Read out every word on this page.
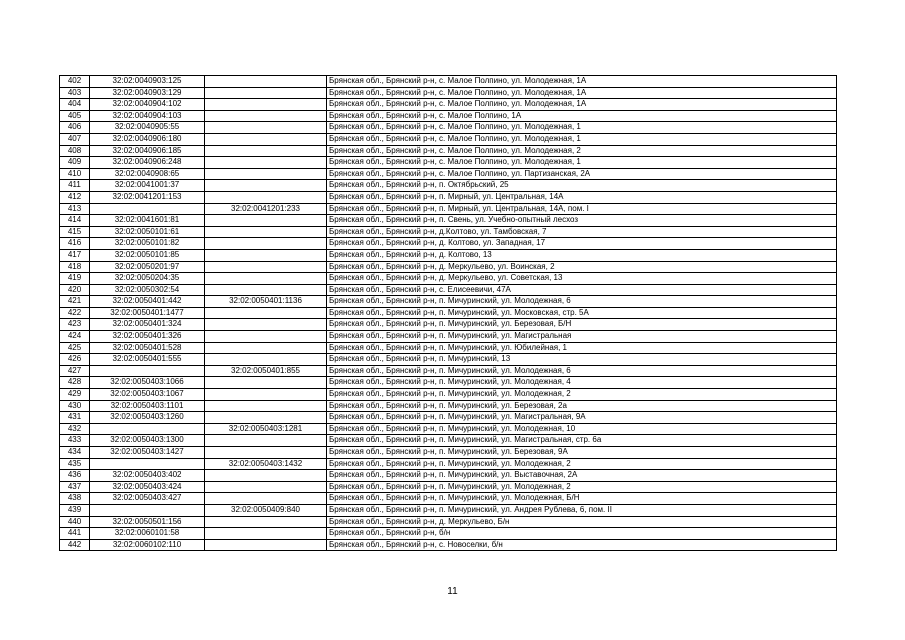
402	32:02:0040903:125		Брянская обл., Брянский р-н, с. Малое Полпино, ул. Молодежная, 1А
403	32:02:0040903:129		Брянская обл., Брянский р-н, с. Малое Полпино, ул. Молодежная, 1А
404	32:02:0040904:102		Брянская обл., Брянский р-н, с. Малое Полпино, ул. Молодежная, 1А
405	32:02:0040904:103		Брянская обл., Брянский р-н, с. Малое Полпино, 1А
406	32:02:0040905:55		Брянская обл., Брянский р-н, с. Малое Полпино, ул. Молодежная, 1
407	32:02:0040906:180		Брянская обл., Брянский р-н, с. Малое Полпино, ул. Молодежная, 1
408	32:02:0040906:185		Брянская обл., Брянский р-н, с. Малое Полпино, ул. Молодежная, 2
409	32:02:0040906:248		Брянская обл., Брянский р-н, с. Малое Полпино, ул. Молодежная, 1
410	32:02:0040908:65		Брянская обл., Брянский р-н, с. Малое Полпино, ул. Партизанская, 2А
411	32:02:0041001:37		Брянская обл., Брянский р-н, п. Октябрьский, 25
412	32:02:0041201:153		Брянская обл., Брянский р-н, п. Мирный, ул. Центральная, 14А
413		32:02:0041201:233	Брянская обл., Брянский р-н, п. Мирный, ул. Центральная, 14А, пом. I
414	32:02:0041601:81		Брянская обл., Брянский р-н, п. Свень, ул. Учебно-опытный лесхоз
415	32:02:0050101:61		Брянская обл., Брянский р-н, д.Колтово, ул. Тамбовская, 7
416	32:02:0050101:82		Брянская обл., Брянский р-н, д. Колтово, ул. Западная, 17
417	32:02:0050101:85		Брянская обл., Брянский р-н, д. Колтово, 13
418	32:02:0050201:97		Брянская обл., Брянский р-н, д. Меркульево, ул. Воинская, 2
419	32:02:0050204:35		Брянская обл., Брянский р-н, д. Меркульево, ул. Советская, 13
420	32:02:0050302:54		Брянская обл., Брянский р-н, с. Елисеевичи, 47А
421	32:02:0050401:442	32:02:0050401:1136	Брянская обл., Брянский р-н, п. Мичуринский, ул. Молодежная, 6
422	32:02:0050401:1477		Брянская обл., Брянский р-н, п. Мичуринский, ул. Московская, стр. 5А
423	32:02:0050401:324		Брянская обл., Брянский р-н, п. Мичуринский, ул. Березовая, Б/Н
424	32:02:0050401:326		Брянская обл., Брянский р-н, п. Мичуринский, ул. Магистральная
425	32:02:0050401:528		Брянская обл., Брянский р-н, п. Мичуринский, ул. Юбилейная, 1
426	32:02:0050401:555		Брянская обл., Брянский р-н, п. Мичуринский, 13
427		32:02:0050401:855	Брянская обл., Брянский р-н, п. Мичуринский, ул. Молодежная, 6
428	32:02:0050403:1066		Брянская обл., Брянский р-н, п. Мичуринский, ул. Молодежная, 4
429	32:02:0050403:1067		Брянская обл., Брянский р-н, п. Мичуринский, ул. Молодежная, 2
430	32:02:0050403:1101		Брянская обл., Брянский р-н, п. Мичуринский, ул. Березовая, 2а
431	32:02:0050403:1260		Брянская обл., Брянский р-н, п. Мичуринский, ул. Магистральная, 9А
432		32:02:0050403:1281	Брянская обл., Брянский р-н, п. Мичуринский, ул. Молодежная, 10
433	32:02:0050403:1300		Брянская обл., Брянский р-н, п. Мичуринский, ул. Магистральная, стр. 6а
434	32:02:0050403:1427		Брянская обл., Брянский р-н, п. Мичуринский, ул. Березовая, 9А
435		32:02:0050403:1432	Брянская обл., Брянский р-н, п. Мичуринский, ул. Молодежная, 2
436	32:02:0050403:402		Брянская обл., Брянский р-н, п. Мичуринский, ул. Выставочная, 2А
437	32:02:0050403:424		Брянская обл., Брянский р-н, п. Мичуринский, ул. Молодежная, 2
438	32:02:0050403:427		Брянская обл., Брянский р-н, п. Мичуринский, ул. Молодежная, Б/Н
439		32:02:0050409:840	Брянская обл., Брянский р-н, п. Мичуринский, ул. Андрея Рублева, 6, пом. II
440	32:02:0050501:156		Брянская обл., Брянский р-н, д. Меркульево, Б/н
441	32:02:0060101:58		Брянская обл., Брянский р-н, б/н
442	32:02:0060102:110		Брянская обл., Брянский р-н, с. Новоселки, б/н
11
